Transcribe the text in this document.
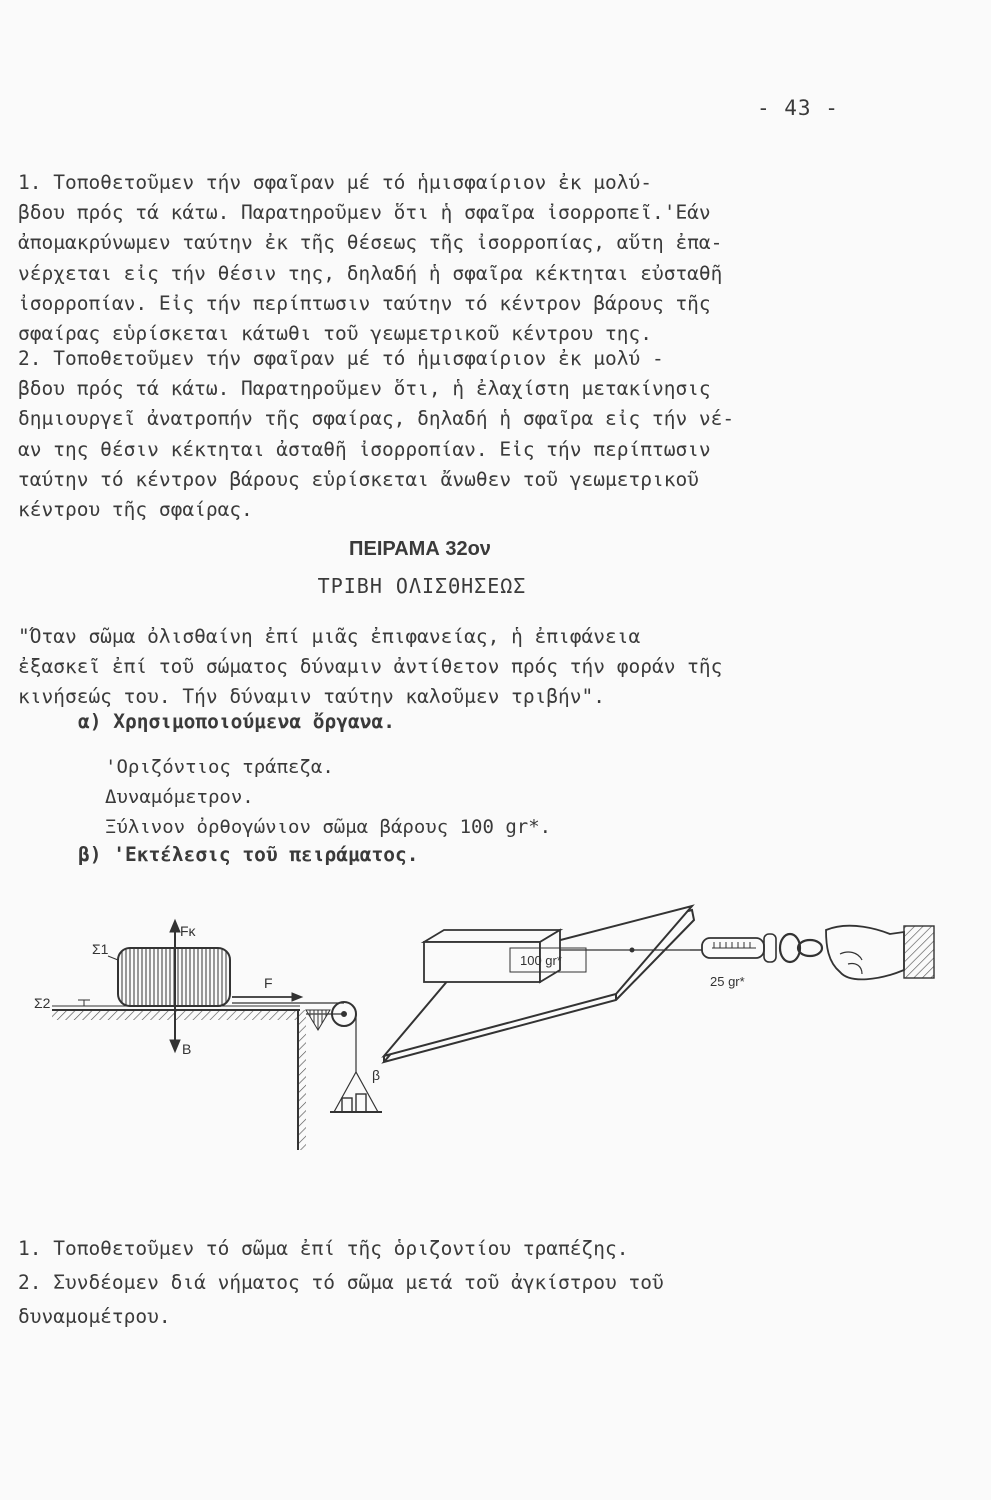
- 43 -
1. Τοποθετοῦμεν τήν σφαῖραν μέ τό ἡμισφαίριον ἐκ μολύ-
βδου πρός τά κάτω. Παρατηροῦμεν ὅτι ἡ σφαῖρα ἰσορροπεῖ.'Εάν
ἀπομακρύνωμεν ταύτην ἐκ τῆς θέσεως τῆς ἰσορροπίας, αὕτη ἐπα-
νέρχεται εἰς τήν θέσιν της, δηλαδή ἡ σφαῖρα κέκτηται εὐσταθῆ
ἰσορροπίαν. Εἰς τήν περίπτωσιν ταύτην τό κέντρον βάρους τῆς
σφαίρας εὑρίσκεται κάτωθι τοῦ γεωμετρικοῦ κέντρου της.
2. Τοποθετοῦμεν τήν σφαῖραν μέ τό ἡμισφαίριον ἐκ μολύ -
βδου πρός τά κάτω. Παρατηροῦμεν ὅτι, ἡ ἐλαχίστη μετακίνησις
δημιουργεῖ ἀνατροπήν τῆς σφαίρας, δηλαδή ἡ σφαῖρα εἰς τήν νέ-
αν της θέσιν κέκτηται ἀσταθῆ ἰσορροπίαν. Εἰς τήν περίπτωσιν
ταύτην τό κέντρον βάρους εὑρίσκεται ἄνωθεν τοῦ γεωμετρικοῦ
κέντρου τῆς σφαίρας.
ΠΕΙΡΑΜΑ 32ον
ΤΡΙΒΗ ΟΛΙΣΘΗΣΕΩΣ
"Όταν σῶμα ὀλισθαίνη ἐπί μιᾶς ἐπιφανείας, ἡ ἐπιφάνεια
ἐξασκεῖ ἐπί τοῦ σώματος δύναμιν ἀντίθετον πρός τήν φοράν τῆς
κινήσεώς του. Τήν δύναμιν ταύτην καλοῦμεν τριβήν".
α) Χρησιμοποιούμενα ὄργανα.
'Οριζόντιος τράπεζα.
Δυναμόμετρον.
Ξύλινον ὀρθογώνιον σῶμα βάρους 100 gr*.
β) 'Εκτέλεσις τοῦ πειράματος.
Fκ
Σ1
Σ2
F
Β
β
100 gr*
25 gr*
1. Τοποθετοῦμεν τό σῶμα ἐπί τῆς ὁριζοντίου τραπέζης.
2. Συνδέομεν διά νήματος τό σῶμα μετά τοῦ ἀγκίστρου τοῦ
δυναμομέτρου.
